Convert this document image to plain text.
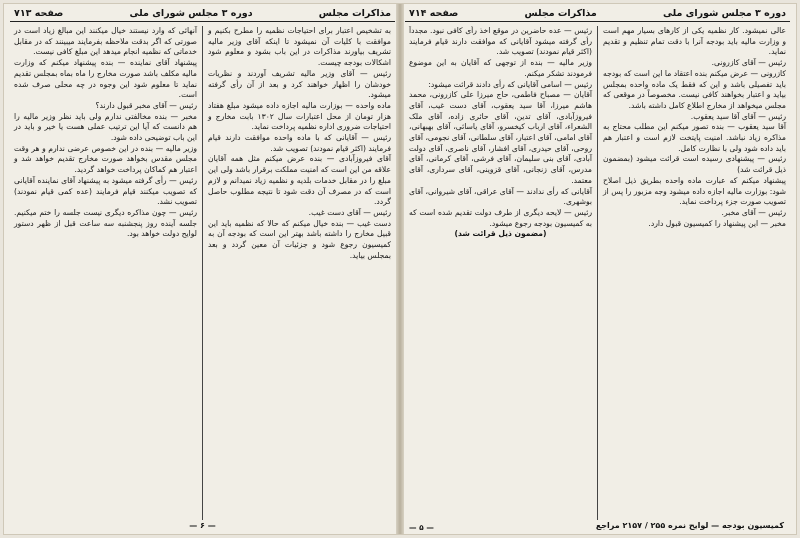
مذاكرات مجلس
دوره ۳ مجلس شورای ملی
صفحه ۷۱۳

به تشخیص اعتبار برای احتیاجات نظمیه را مطرح بکنیم و موافقت با کلیات آن نمیشود تا اینکه آقای وزیر مالیه تشریف بیاورند مذاکرات در این باب بشود و معلوم شود اشکالات بودجه چیست.

رئیس — آقای وزیر مالیه تشریف آوردند و نظریات خودشان را اظهار خواهند کرد و بعد از آن رأی گرفته میشود.

ماده واحده — بوزارت مالیه اجازه داده میشود مبلغ هفتاد هزار تومان از محل اعتبارات سال ۱۳۰۲ بابت مخارج و احتیاجات ضروری اداره نظمیه پرداخت نماید.

رئیس — آقایانی که با ماده واحده موافقت دارند قیام فرمایند (اکثر قیام نمودند) تصویب شد.

آقای فیروزآبادی — بنده عرض میکنم مثل همه آقایان علاقه من این است که امنیت مملکت برقرار باشد ولی این مبلغ را در مقابل خدمات بلدیه و نظمیه زیاد نمیدانم و لازم است که در مصرف آن دقت شود تا نتیجه مطلوب حاصل گردد.

رئیس — آقای دست غیب.

دست غیب — بنده خیال میکنم که حالا که نظمیه باید این قبیل مخارج را داشته باشد بهتر این است که بودجه آن به کمیسیون رجوع شود و جزئیات آن معین گردد و بعد بمجلس بیاید.

آنهائی که وارد نیستند خیال میکنند این مبالغ زیاد است در صورتی که اگر بدقت ملاحظه بفرمایند میبینند که در مقابل خدماتی که نظمیه انجام میدهد این مبلغ کافی نیست.

پیشنهاد آقای نماینده — بنده پیشنهاد میکنم که وزارت مالیه مکلف باشد صورت مخارج را ماه بماه بمجلس تقدیم نماید تا معلوم شود این وجوه در چه محلی صرف شده است.

رئیس — آقای مخبر قبول دارند؟

مخبر — بنده مخالفتی ندارم ولی باید نظر وزیر مالیه را هم دانست که آیا این ترتیب عملی هست یا خیر و باید در این باب توضیحی داده شود.

وزیر مالیه — بنده در این خصوص عرضی ندارم و هر وقت مجلس مقدس بخواهد صورت مخارج تقدیم خواهد شد و اعتبار هم کماکان پرداخت خواهد گردید.

رئیس — رأی گرفته میشود به پیشنهاد آقای نماینده آقایانی که تصویب میکنند قیام فرمایند (عده کمی قیام نمودند) تصویب نشد.

رئیس — چون مذاکره دیگری نیست جلسه را ختم میکنیم. جلسه آینده روز پنجشنبه سه ساعت قبل از ظهر دستور لوایح دولت خواهد بود.

— ۶ —
دوره ۳ مجلس شورای ملی
مذاکرات مجلس
صفحه ۷۱۴

عالی نمیشود. کار نظمیه یکی از کارهای بسیار مهم است و وزارت مالیه باید بودجه آنرا با دقت تمام تنظیم و تقدیم نماید.

رئیس — آقای کازرونی.

کازرونی — عرض میکنم بنده اعتقاد ما این است که بودجه باید تفصیلی باشد و این که فقط یک ماده واحده بمجلس بیاید و اعتبار بخواهند کافی نیست. مخصوصاً در موقعی که مجلس میخواهد از مخارج اطلاع کامل داشته باشد.

رئیس — آقای آقا سید یعقوب.

آقا سید یعقوب — بنده تصور میکنم این مطلب محتاج به مذاکره زیاد نباشد. امنیت پایتخت لازم است و اعتبار هم باید داده شود ولی با نظارت کامل.

رئیس — پیشنهادی رسیده است قرائت میشود (بمضمون ذیل قرائت شد)

پیشنهاد میکنم که عبارت ماده واحده بطریق ذیل اصلاح شود: بوزارت مالیه اجازه داده میشود وجه مزبور را پس از تصویب صورت جزء پرداخت نماید.

رئیس — آقای مخبر.

مخبر — این پیشنهاد را کمیسیون قبول دارد.

رئیس — عده حاضرین در موقع اخذ رأی کافی نبود. مجدداً رأی گرفته میشود آقایانی که موافقت دارند قیام فرمایند (اکثر قیام نمودند) تصویب شد.

وزیر مالیه — بنده از توجهی که آقایان به این موضوع فرمودند تشکر میکنم.

رئیس — اسامی آقایانی که رأی دادند قرائت میشود:

آقایان — مصباح فاطمی، حاج میرزا علی کازرونی، محمد هاشم میرزا، آقا سید یعقوب، آقای دست غیب، آقای فیروزآبادی، آقای تدین، آقای حائری زاده، آقای ملک الشعراء، آقای ارباب کیخسرو، آقای یاسائی، آقای بهبهانی، آقای امامی، آقای اعتبار، آقای سلطانی، آقای نجومی، آقای روحی، آقای حیدری، آقای افشار، آقای ناصری، آقای دولت آبادی، آقای بنی سلیمان، آقای فرشی، آقای کرمانی، آقای مدرس، آقای زنجانی، آقای قزوینی، آقای سرداری، آقای معتمد.

آقایانی که رأی ندادند — آقای عراقی، آقای شیروانی، آقای بوشهری.

رئیس — لایحه دیگری از طرف دولت تقدیم شده است که به کمیسیون بودجه رجوع میشود.

(مضمون ذیل قرائت شد)

کمیسیون بودجه — لوایح نمره ۲۵۵ / ۲۱۵۷ مراجع
— ۵ —
